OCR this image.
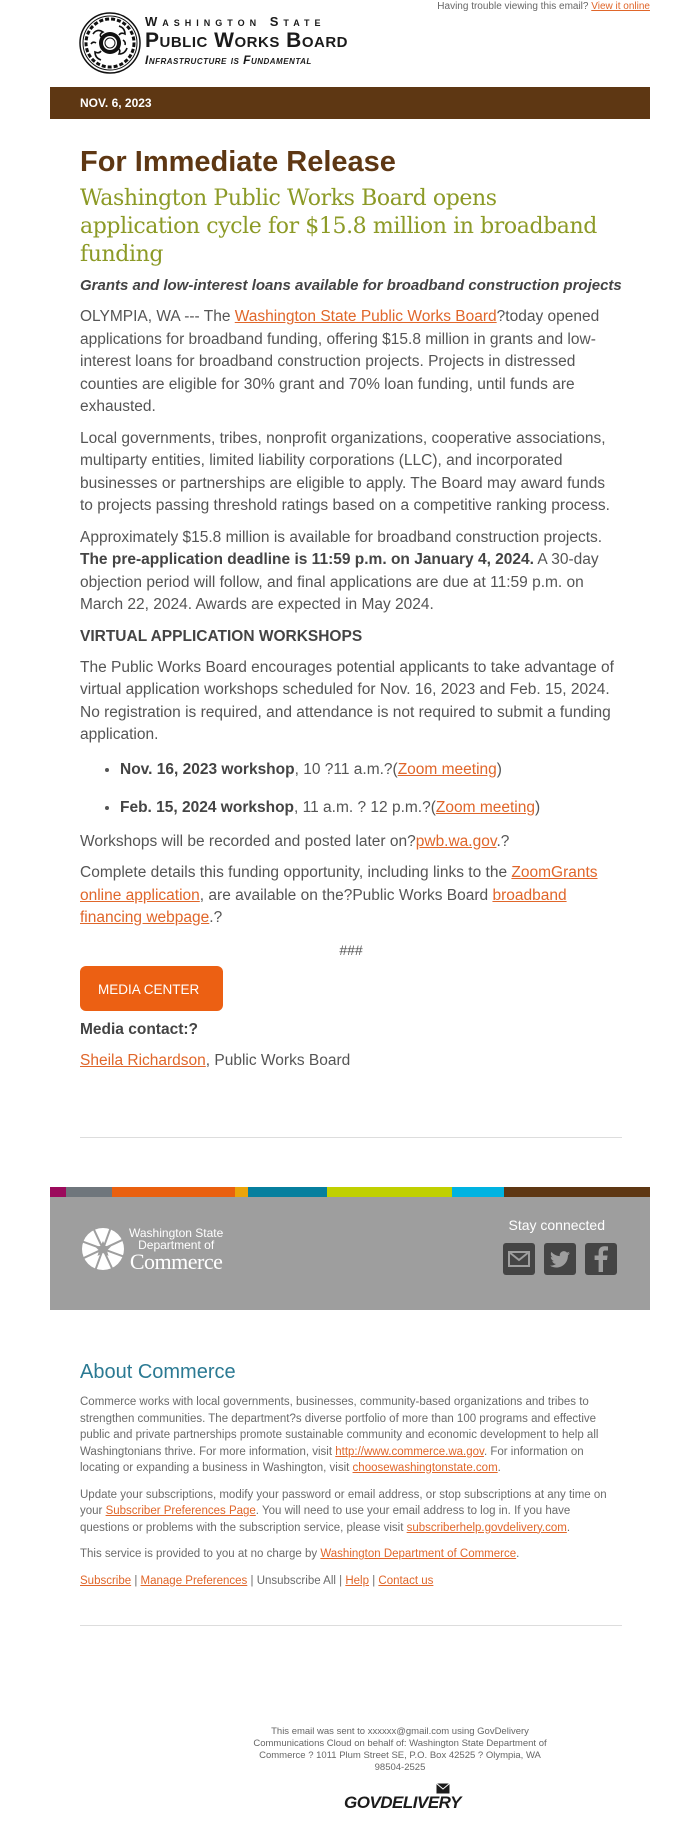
Having trouble viewing this email? View it online
Washington State
Public Works Board
Infrastructure is Fundamental
NOV. 6, 2023
For Immediate Release
Washington Public Works Board opens application cycle for $15.8 million in broadband funding
Grants and low-interest loans available for broadband construction projects

OLYMPIA, WA --- The Washington State Public Works Board?today opened applications for broadband funding, offering $15.8 million in grants and low-interest loans for broadband construction projects. Projects in distressed counties are eligible for 30% grant and 70% loan funding, until funds are exhausted.

Local governments, tribes, nonprofit organizations, cooperative associations, multiparty entities, limited liability corporations (LLC), and incorporated businesses or partnerships are eligible to apply. The Board may award funds to projects passing threshold ratings based on a competitive ranking process.

Approximately $15.8 million is available for broadband construction projects. The pre-application deadline is 11:59 p.m. on January 4, 2024. A 30-day objection period will follow, and final applications are due at 11:59 p.m. on March 22, 2024. Awards are expected in May 2024.

VIRTUAL APPLICATION WORKSHOPS

The Public Works Board encourages potential applicants to take advantage of virtual application workshops scheduled for Nov. 16, 2023 and Feb. 15, 2024. No registration is required, and attendance is not required to submit a funding application.

• Nov. 16, 2023 workshop, 10 ?11 a.m.?(Zoom meeting)
• Feb. 15, 2024 workshop, 11 a.m. ? 12 p.m.?(Zoom meeting)

Workshops will be recorded and posted later on?pwb.wa.gov.?

Complete details this funding opportunity, including links to the ZoomGrants online application, are available on the?Public Works Board broadband financing webpage.?

###
MEDIA CENTER
Media contact:?
Sheila Richardson, Public Works Board
Washington State
Department of
Commerce
Stay connected
About Commerce

Commerce works with local governments, businesses, community-based organizations and tribes to strengthen communities. The department?s diverse portfolio of more than 100 programs and effective public and private partnerships promote sustainable community and economic development to help all Washingtonians thrive. For more information, visit http://www.commerce.wa.gov. For information on locating or expanding a business in Washington, visit choosewashingtonstate.com.

Update your subscriptions, modify your password or email address, or stop subscriptions at any time on your Subscriber Preferences Page. You will need to use your email address to log in. If you have questions or problems with the subscription service, please visit subscriberhelp.govdelivery.com.

This service is provided to you at no charge by Washington Department of Commerce.

Subscribe | Manage Preferences | Unsubscribe All | Help | Contact us

This email was sent to xxxxxx@gmail.com using GovDelivery Communications Cloud on behalf of: Washington State Department of Commerce ? 1011 Plum Street SE, P.O. Box 42525 ? Olympia, WA 98504-2525
GOVDELIVERY
